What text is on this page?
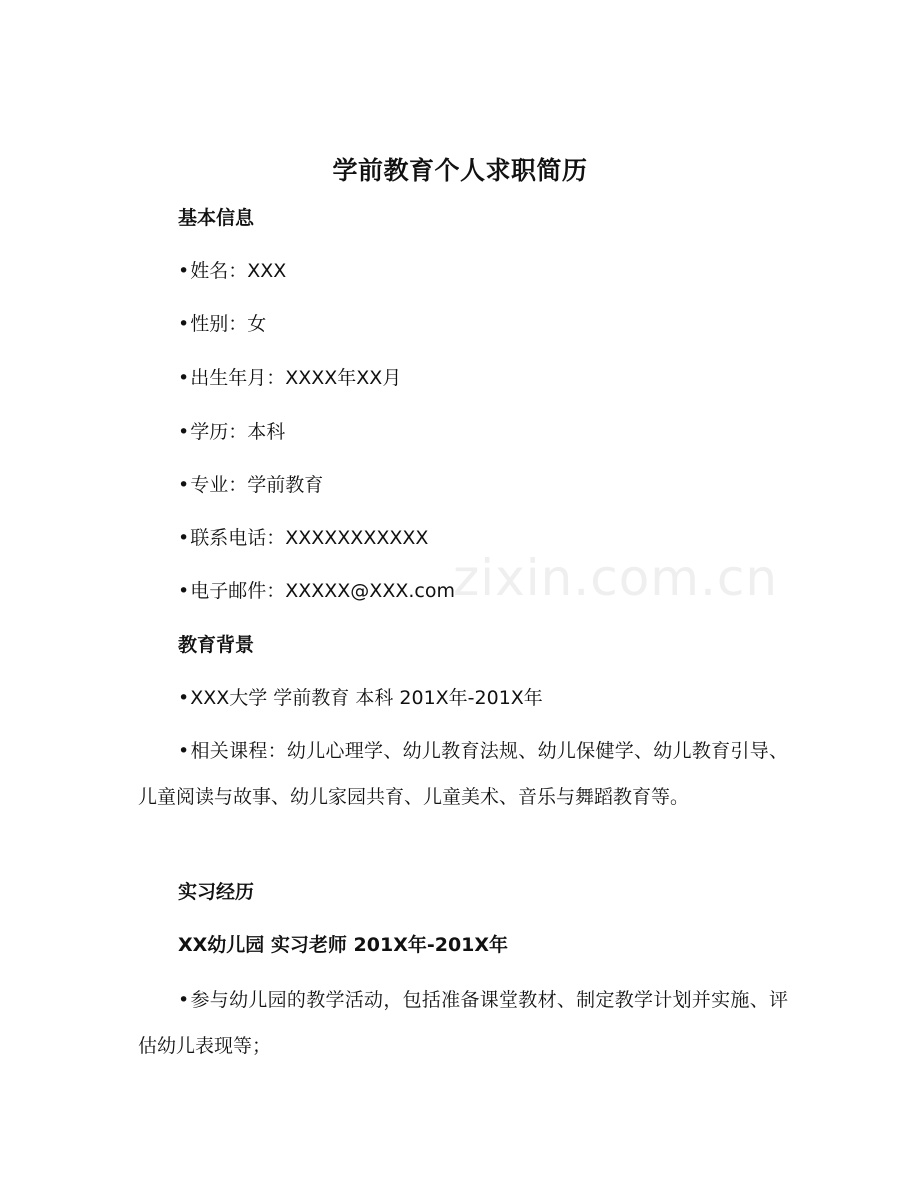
zixin.com.cn
学前教育个人求职简历
基本信息
•姓名：XXX
•性别：女
•出生年月：XXXX年XX月
•学历：本科
•专业：学前教育
•联系电话：XXXXXXXXXXX
•电子邮件：XXXXX@XXX.com
教育背景
•XXX大学 学前教育 本科 201X年-201X年
•相关课程：幼儿心理学、幼儿教育法规、幼儿保健学、幼儿教育引导、儿童阅读与故事、幼儿家园共育、儿童美术、音乐与舞蹈教育等。
实习经历
XX幼儿园 实习老师 201X年-201X年
•参与幼儿园的教学活动，包括准备课堂教材、制定教学计划并实施、评估幼儿表现等；
